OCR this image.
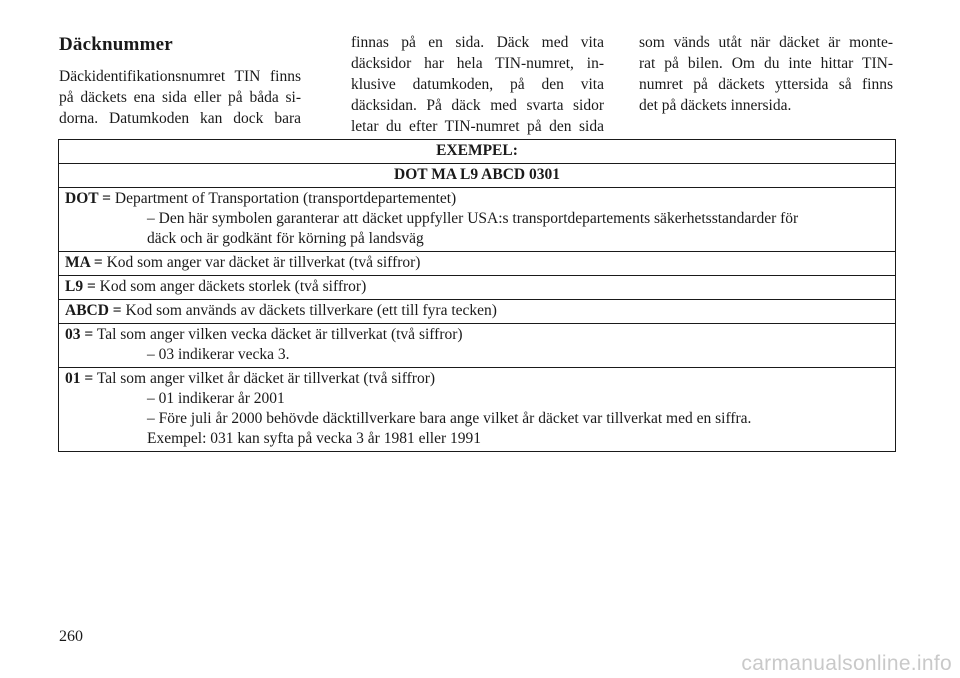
Däcknummer
Däckidentifikationsnumret TIN finns
på däckets ena sida eller på båda si-
dorna. Datumkoden kan dock bara
finnas på en sida. Däck med vita
däcksidor har hela TIN-numret, in-
klusive datumkoden, på den vita
däcksidan. På däck med svarta sidor
letar du efter TIN-numret på den sida
som vänds utåt när däcket är monte-
rat på bilen. Om du inte hittar TIN-
numret på däckets yttersida så finns
det på däckets innersida.
EXEMPEL:
DOT MA L9 ABCD 0301
DOT = Department of Transportation (transportdepartementet)
– Den här symbolen garanterar att däcket uppfyller USA:s transportdepartements säkerhetsstandarder för
däck och är godkänt för körning på landsväg

MA = Kod som anger var däcket är tillverkat (två siffror)
L9 = Kod som anger däckets storlek (två siffror)
ABCD = Kod som används av däckets tillverkare (ett till fyra tecken)
03 = Tal som anger vilken vecka däcket är tillverkat (två siffror)
– 03 indikerar vecka 3.

01 = Tal som anger vilket år däcket är tillverkat (två siffror)
– 01 indikerar år 2001
– Före juli år 2000 behövde däcktillverkare bara ange vilket år däcket var tillverkat med en siffra.
Exempel: 031 kan syfta på vecka 3 år 1981 eller 1991
260
carmanualsonline.info
